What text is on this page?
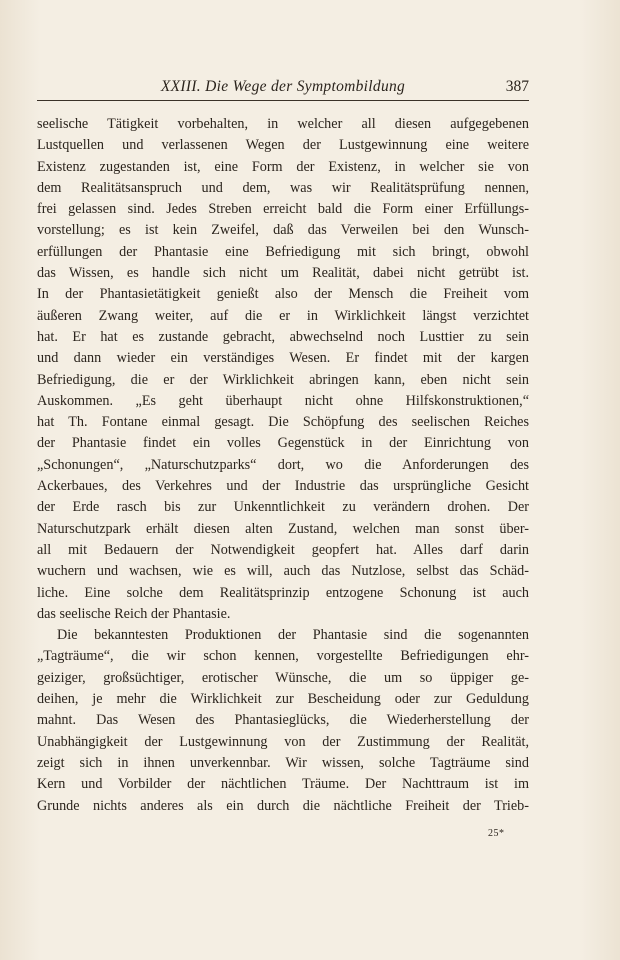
XXIII. Die Wege der Symptombildung	387
seelische Tätigkeit vorbehalten, in welcher all diesen aufgegebenen
Lustquellen und verlassenen Wegen der Lustgewinnung eine weitere
Existenz zugestanden ist, eine Form der Existenz, in welcher sie von
dem Realitätsanspruch und dem, was wir Realitätsprüfung nennen,
frei gelassen sind. Jedes Streben erreicht bald die Form einer Erfüllungs-
vorstellung; es ist kein Zweifel, daß das Verweilen bei den Wunsch-
erfüllungen der Phantasie eine Befriedigung mit sich bringt, obwohl
das Wissen, es handle sich nicht um Realität, dabei nicht getrübt ist.
In der Phantasietätigkeit genießt also der Mensch die Freiheit vom
äußeren Zwang weiter, auf die er in Wirklichkeit längst verzichtet
hat. Er hat es zustande gebracht, abwechselnd noch Lusttier zu sein
und dann wieder ein verständiges Wesen. Er findet mit der kargen
Befriedigung, die er der Wirklichkeit abringen kann, eben nicht sein
Auskommen. „Es geht überhaupt nicht ohne Hilfskonstruktionen,“
hat Th. Fontane einmal gesagt. Die Schöpfung des seelischen Reiches
der Phantasie findet ein volles Gegenstück in der Einrichtung von
„Schonungen“, „Naturschutzparks“ dort, wo die Anforderungen des
Ackerbaues, des Verkehres und der Industrie das ursprüngliche Gesicht
der Erde rasch bis zur Unkenntlichkeit zu verändern drohen. Der
Naturschutzpark erhält diesen alten Zustand, welchen man sonst über-
all mit Bedauern der Notwendigkeit geopfert hat. Alles darf darin
wuchern und wachsen, wie es will, auch das Nutzlose, selbst das Schäd-
liche. Eine solche dem Realitätsprinzip entzogene Schonung ist auch
das seelische Reich der Phantasie.
Die bekanntesten Produktionen der Phantasie sind die sogenannten
„Tagträume“, die wir schon kennen, vorgestellte Befriedigungen ehr-
geiziger, großsüchtiger, erotischer Wünsche, die um so üppiger ge-
deihen, je mehr die Wirklichkeit zur Bescheidung oder zur Geduldung
mahnt. Das Wesen des Phantasieglücks, die Wiederherstellung der
Unabhängigkeit der Lustgewinnung von der Zustimmung der Realität,
zeigt sich in ihnen unverkennbar. Wir wissen, solche Tagträume sind
Kern und Vorbilder der nächtlichen Träume. Der Nachttraum ist im
Grunde nichts anderes als ein durch die nächtliche Freiheit der Trieb-
25*
